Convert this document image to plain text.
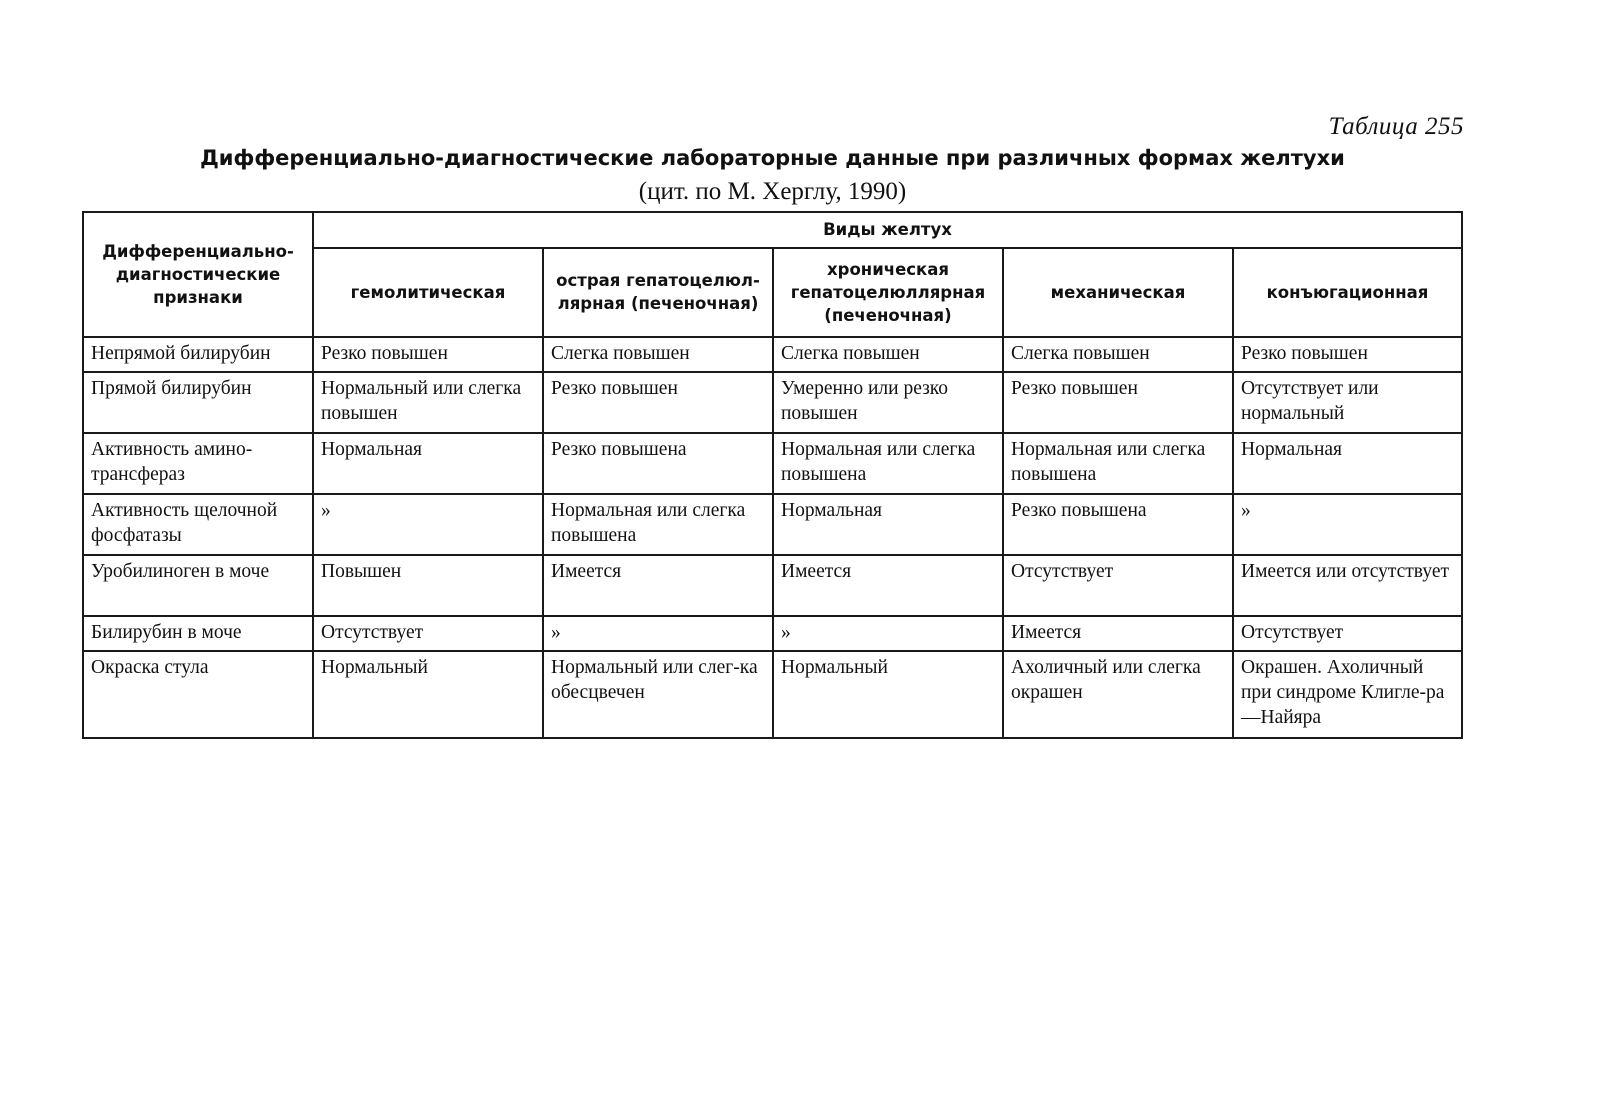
Таблица 255
Дифференциально-диагностические лабораторные данные при различных формах желтухи
(цит. по М. Херглу, 1990)
Дифференциально-диагностические признаки	Виды желтух				
	гемолитическая	острая гепатоцелюл-лярная (печеночная)	хроническая гепатоцелюллярная (печеночная)	механическая	конъюгационная
Непрямой билирубин	Резко повышен	Слегка повышен	Слегка повышен	Слегка повышен	Резко повышен
Прямой билирубин	Нормальный или слегка повышен	Резко повышен	Умеренно или резко повышен	Резко повышен	Отсутствует или нормальный
Активность амино-трансфераз	Нормальная	Резко повышена	Нормальная или слегка повышена	Нормальная или слегка повышена	Нормальная
Активность щелочной фосфатазы	»	Нормальная или слегка повышена	Нормальная	Резко повышена	»
Уробилиноген в моче	Повышен	Имеется	Имеется	Отсутствует	Имеется или отсутствует
Билирубин в моче	Отсутствует	»	»	Имеется	Отсутствует
Окраска стула	Нормальный	Нормальный или слег-ка обесцвечен	Нормальный	Ахоличный или слегка окрашен	Окрашен. Ахоличный при синдроме Клигле-ра—Найяра
